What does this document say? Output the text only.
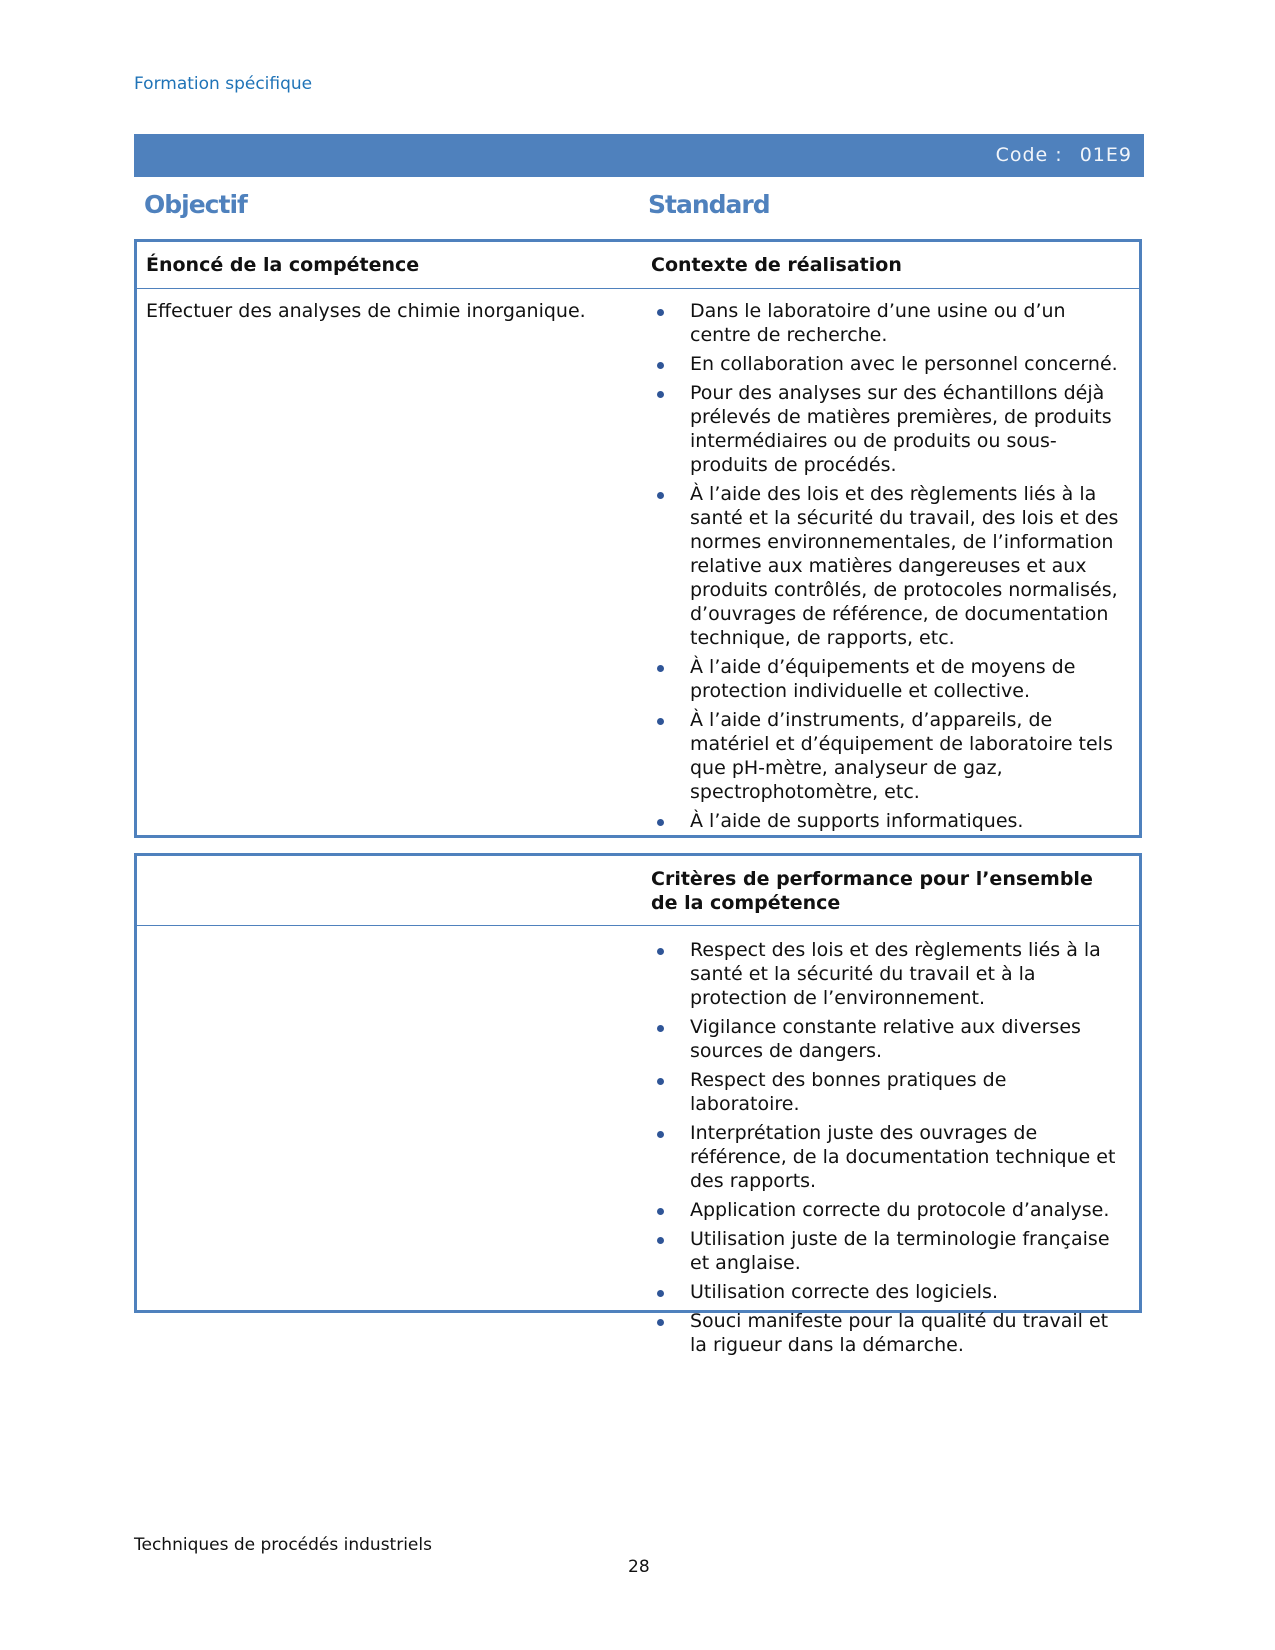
Formation spécifique
Code : 01E9
Objectif	Standard
Énoncé de la compétence	Contexte de réalisation
Effectuer des analyses de chimie inorganique.	Dans le laboratoire d’une usine ou d’un centre de recherche.
En collaboration avec le personnel concerné.
Pour des analyses sur des échantillons déjà prélevés de matières premières, de produits intermédiaires ou de produits ou sous-produits de procédés.
À l’aide des lois et des règlements liés à la santé et la sécurité du travail, des lois et des normes environnementales, de l’information relative aux matières dangereuses et aux produits contrôlés, de protocoles normalisés, d’ouvrages de référence, de documentation technique, de rapports, etc.
À l’aide d’équipements et de moyens de protection individuelle et collective.
À l’aide d’instruments, d’appareils, de matériel et d’équipement de laboratoire tels que pH-mètre, analyseur de gaz, spectrophotomètre, etc.
À l’aide de supports informatiques.
Critères de performance pour l’ensemble de la compétence
Respect des lois et des règlements liés à la santé et la sécurité du travail et à la protection de l’environnement.
Vigilance constante relative aux diverses sources de dangers.
Respect des bonnes pratiques de laboratoire.
Interprétation juste des ouvrages de référence, de la documentation technique et des rapports.
Application correcte du protocole d’analyse.
Utilisation juste de la terminologie française et anglaise.
Utilisation correcte des logiciels.
Souci manifeste pour la qualité du travail et la rigueur dans la démarche.
Techniques de procédés industriels
28
